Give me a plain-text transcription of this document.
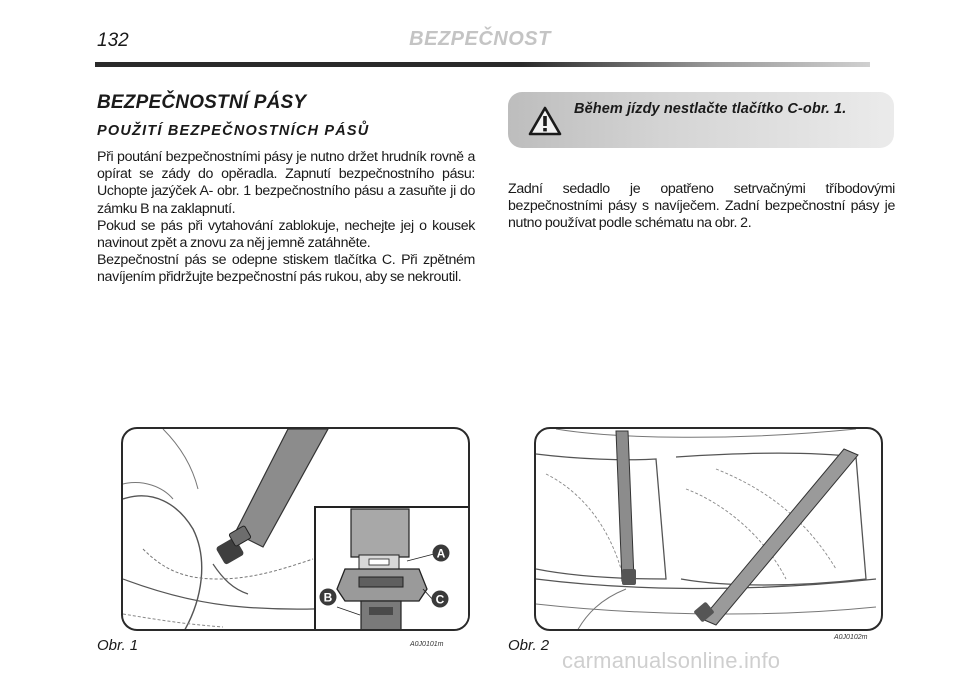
132	BEZPEČNOST
BEZPEČNOSTNÍ PÁSY
POUŽITÍ BEZPEČNOSTNÍCH PÁSŮ

Při poutání bezpečnostními pásy je nutno držet hrudník rovně a opírat se zády do opěradla. Zapnutí bezpečnostního pásu: Uchopte jazýček A- obr. 1 bezpečnostního pásu a zasuňte ji do zámku B na zaklapnutí.

Pokud se pás při vytahování zablokuje, nechejte jej o kousek navinout zpět a znovu za něj jemně zatáhněte.

Bezpečnostní pás se odepne stiskem tlačítka C. Při zpětném navíjením přidržujte bezpečnostní pás rukou, aby se nekroutil.

Během jízdy nestlačte tlačítko C-obr. 1.

Zadní sedadlo je opatřeno setrvačnými tříbodovými bezpečnostními pásy s navíječem. Zadní bezpečnostní pásy je nutno používat podle schématu na obr. 2.

A
B	C
Obr. 1	A0J0101m	Obr. 2	A0J0102m
carmanualsonline.info
